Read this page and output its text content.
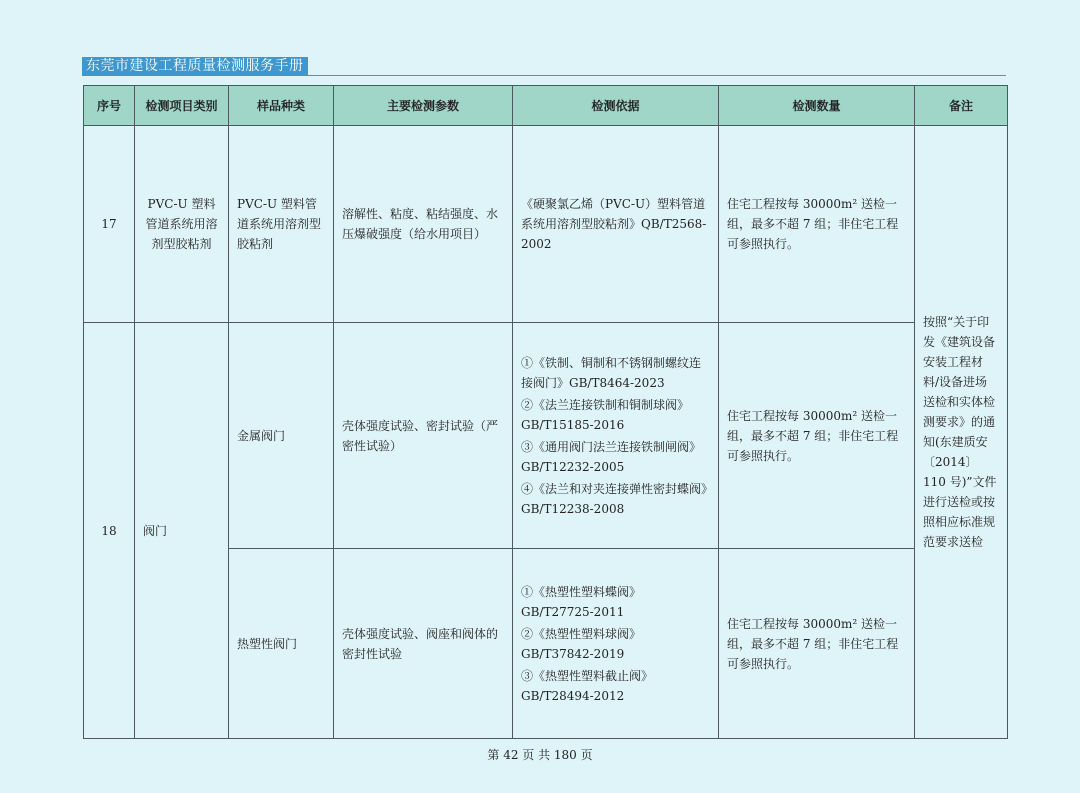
东莞市建设工程质量检测服务手册
序号	检测项目类别	样品种类	主要检测参数	检测依据	检测数量	备注
17	PVC-U 塑料管道系统用溶剂型胶粘剂	PVC-U 塑料管道系统用溶剂型胶粘剂	溶解性、粘度、粘结强度、水压爆破强度（给水用项目）	《硬聚氯乙烯（PVC-U）塑料管道系统用溶剂型胶粘剂》QB/T2568-2002	住宅工程按每 30000m² 送检一组，最多不超 7 组；非住宅工程可参照执行。	按照“关于印发《建筑设备安装工程材料/设备进场送检和实体检测要求》的通知(东建质安〔2014〕110 号)”文件进行送检或按照相应标准规范要求送检
18	阀门	金属阀门	壳体强度试验、密封试验（严密性试验）	①《铁制、铜制和不锈钢制螺纹连接阀门》GB/T8464-2023
②《法兰连接铁制和铜制球阀》GB/T15185-2016
③《通用阀门法兰连接铁制闸阀》GB/T12232-2005
④《法兰和对夹连接弹性密封蝶阀》GB/T12238-2008	住宅工程按每 30000m² 送检一组，最多不超 7 组；非住宅工程可参照执行。	
		热塑性阀门	壳体强度试验、阀座和阀体的密封性试验	①《热塑性塑料蝶阀》GB/T27725-2011
②《热塑性塑料球阀》GB/T37842-2019
③《热塑性塑料截止阀》GB/T28494-2012	住宅工程按每 30000m² 送检一组，最多不超 7 组；非住宅工程可参照执行。	
第 42 页 共 180 页
